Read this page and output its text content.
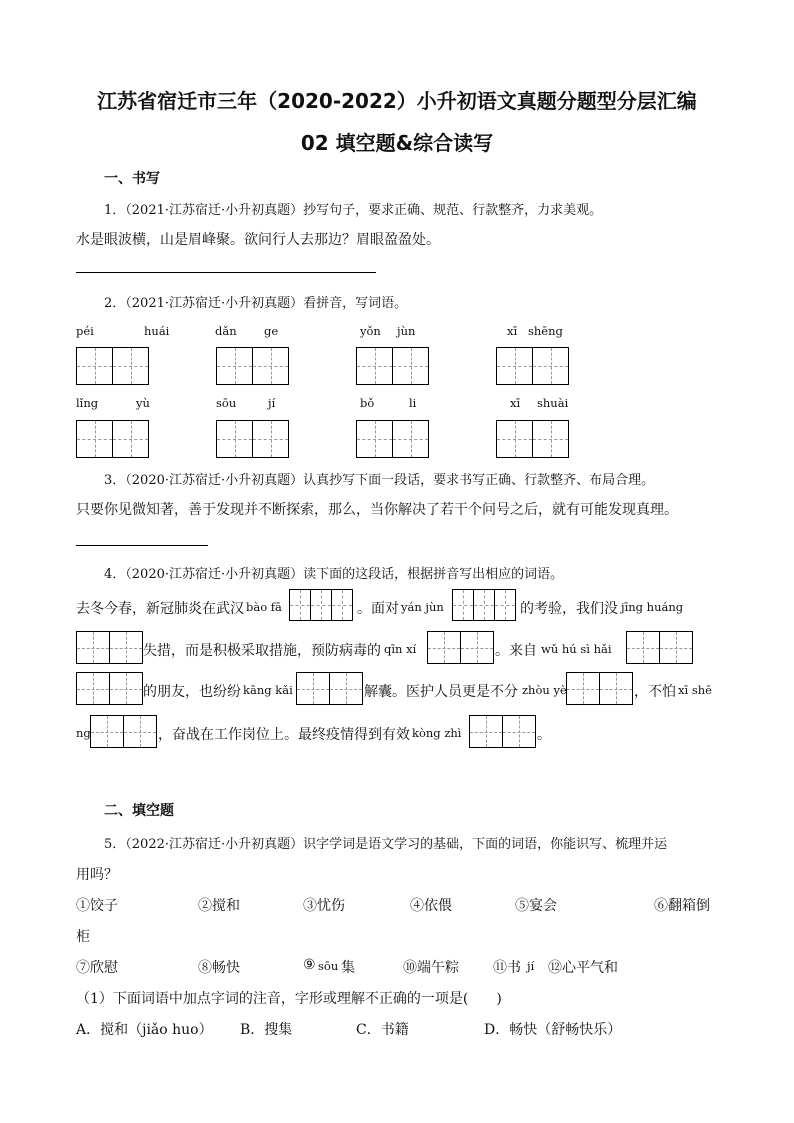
江苏省宿迁市三年（2020-2022）小升初语文真题分题型分层汇编
02 填空题&综合读写
一、书写
1．（2021·江苏宿迁·小升初真题）抄写句子，要求正确、规范、行款整齐，力求美观。
水是眼波横，山是眉峰聚。欲问行人去那边？眉眼盈盈处。
2．（2021·江苏宿迁·小升初真题）看拼音，写词语。
péi	huái	dǎn ge	yǒn jùn	xī shēng
lǐng	yù	sōu	jí	bǒ	li	xī shuài
3．（2020·江苏宿迁·小升初真题）认真抄写下面一段话，要求书写正确、行款整齐、布局合理。
只要你见微知著，善于发现并不断探索，那么，当你解决了若干个问号之后，就有可能发现真理。
4．（2020·江苏宿迁·小升初真题）读下面的这段话，根据拼音写出相应的词语。
去冬今春，新冠肺炎在武汉 bào fā	。面对 yán jùn	的考验，我们没 jīng huáng
失措，而是积极采取措施，预防病毒的 qīn xí	。来自 wǔ hú sì hǎi
的朋友，也纷纷 kāng kǎi	解囊。医护人员更是不分 zhòu yè	，不怕 xī shē
ng	，奋战在工作岗位上。最终疫情得到有效 kòng zhì	。
二、填空题
5．（2022·江苏宿迁·小升初真题）识字学词是语文学习的基础，下面的词语，你能识写、梳理并运
用吗？
①饺子	②搅和	③忧伤	④依偎	⑤宴会	⑥翻箱倒
柜
⑦欣慰	⑧畅快	⑨ sōu 集	⑩端午粽 ⑪书 jí ⑫心平气和
（1）下面词语中加点字词的注音，字形或理解不正确的一项是(　　)
A．搅和（jiǎo huo） B．搜集	C．书籍	D．畅快（舒畅快乐）
